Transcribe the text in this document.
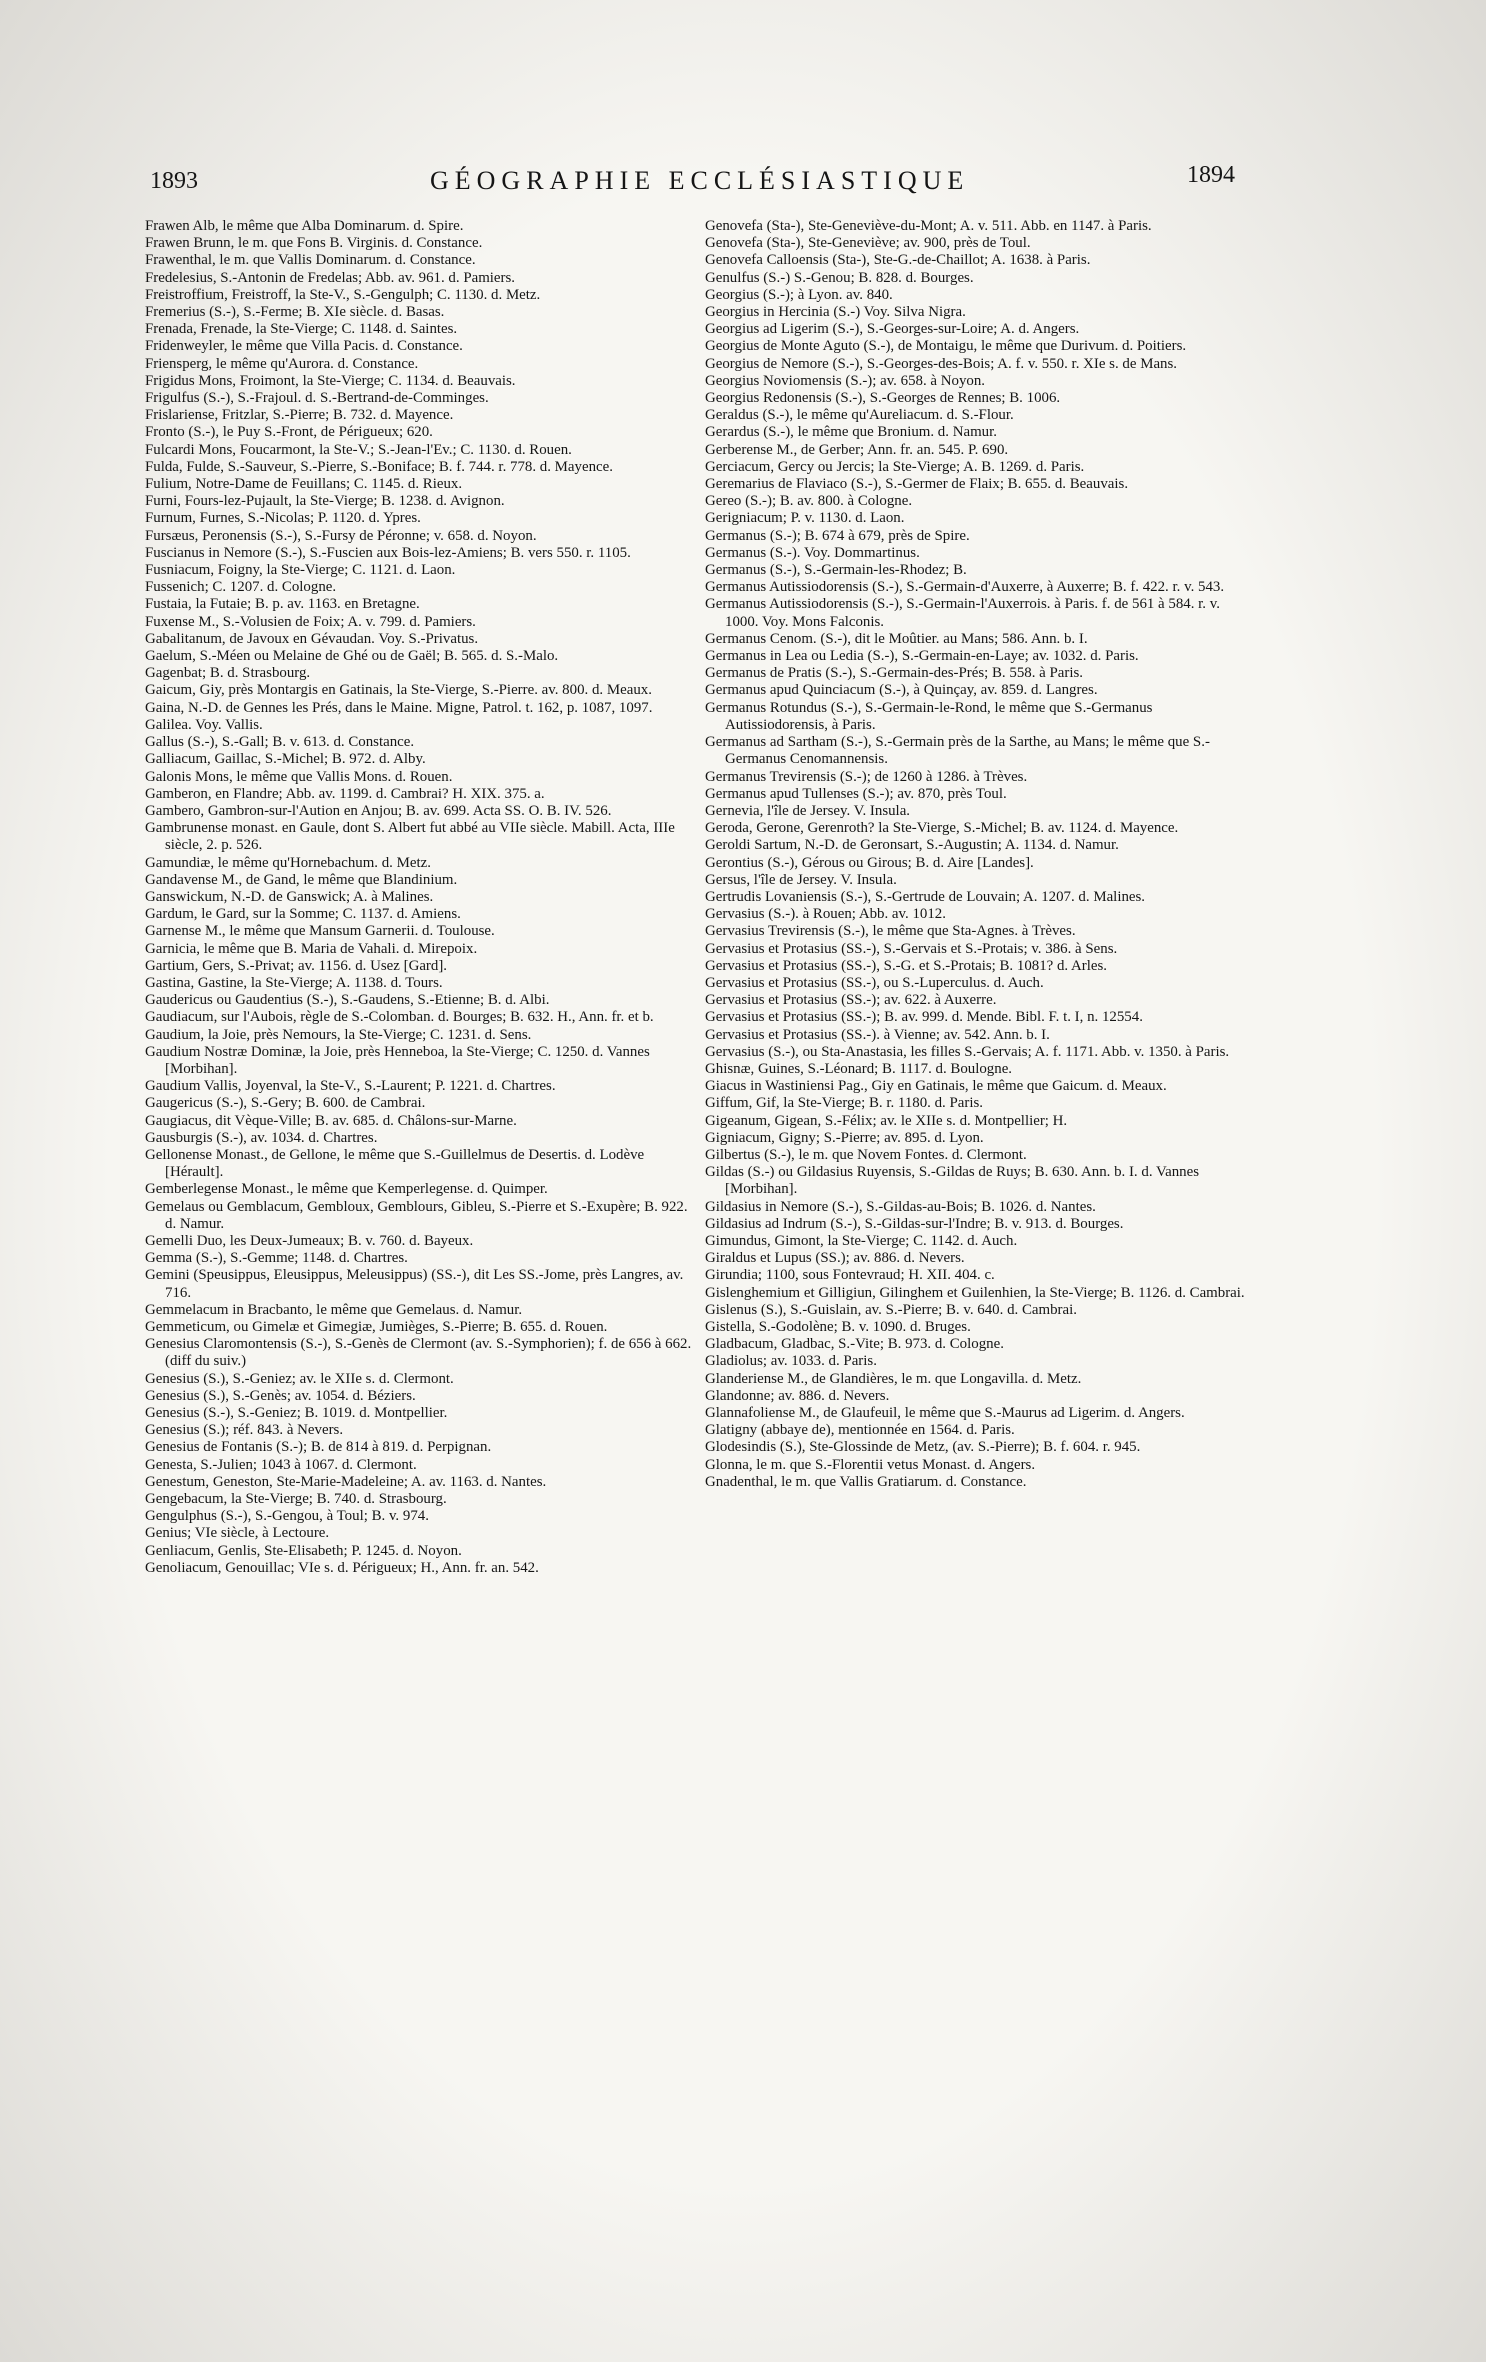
1893	GÉOGRAPHIE ECCLÉSIASTIQUE	1894

Frawen Alb, le même que Alba Dominarum. d. Spire.

Frawen Brunn, le m. que Fons B. Virginis. d. Constance.

Frawenthal, le m. que Vallis Dominarum. d. Constance.

Fredelesius, S.-Antonin de Fredelas; Abb. av. 961. d. Pamiers.

Freistroffium, Freistroff, la Ste-V., S.-Gengulph; C. 1130. d. Metz.

Fremerius (S.-), S.-Ferme; B. XIe siècle. d. Basas.

Frenada, Frenade, la Ste-Vierge; C. 1148. d. Saintes.

Fridenweyler, le même que Villa Pacis. d. Constance.

Friensperg, le même qu'Aurora. d. Constance.

Frigidus Mons, Froimont, la Ste-Vierge; C. 1134. d. Beauvais.

Frigulfus (S.-), S.-Frajoul. d. S.-Bertrand-de-Comminges.

Frislariense, Fritzlar, S.-Pierre; B. 732. d. Mayence.

Fronto (S.-), le Puy S.-Front, de Périgueux; 620.

Fulcardi Mons, Foucarmont, la Ste-V.; S.-Jean-l'Ev.; C. 1130. d. Rouen.

Fulda, Fulde, S.-Sauveur, S.-Pierre, S.-Boniface; B. f. 744. r. 778. d. Mayence.

Fulium, Notre-Dame de Feuillans; C. 1145. d. Rieux.

Furni, Fours-lez-Pujault, la Ste-Vierge; B. 1238. d. Avignon.

Furnum, Furnes, S.-Nicolas; P. 1120. d. Ypres.

Fursæus, Peronensis (S.-), S.-Fursy de Péronne; v. 658. d. Noyon.

Fuscianus in Nemore (S.-), S.-Fuscien aux Bois-lez-Amiens; B. vers 550. r. 1105.

Fusniacum, Foigny, la Ste-Vierge; C. 1121. d. Laon.

Fussenich; C. 1207. d. Cologne.

Fustaia, la Futaie; B. p. av. 1163. en Bretagne.

Fuxense M., S.-Volusien de Foix; A. v. 799. d. Pamiers.

Gabalitanum, de Javoux en Gévaudan. Voy. S.-Privatus.

Gaelum, S.-Méen ou Melaine de Ghé ou de Gaël; B. 565. d. S.-Malo.

Gagenbat; B. d. Strasbourg.

Gaicum, Giy, près Montargis en Gatinais, la Ste-Vierge, S.-Pierre. av. 800. d. Meaux.

Gaina, N.-D. de Gennes les Prés, dans le Maine. Migne, Patrol. t. 162, p. 1087, 1097.

Galilea. Voy. Vallis.

Gallus (S.-), S.-Gall; B. v. 613. d. Constance.

Galliacum, Gaillac, S.-Michel; B. 972. d. Alby.

Galonis Mons, le même que Vallis Mons. d. Rouen.

Gamberon, en Flandre; Abb. av. 1199. d. Cambrai? H. XIX. 375. a.

Gambero, Gambron-sur-l'Aution en Anjou; B. av. 699. Acta SS. O. B. IV. 526.

Gambrunense monast. en Gaule, dont S. Albert fut abbé au VIIe siècle. Mabill. Acta, IIIe siècle, 2. p. 526.

Gamundiæ, le même qu'Hornebachum. d. Metz.

Gandavense M., de Gand, le même que Blandinium.

Ganswickum, N.-D. de Ganswick; A. à Malines.

Gardum, le Gard, sur la Somme; C. 1137. d. Amiens.

Garnense M., le même que Mansum Garnerii. d. Toulouse.

Garnicia, le même que B. Maria de Vahali. d. Mirepoix.

Gartium, Gers, S.-Privat; av. 1156. d. Usez [Gard].

Gastina, Gastine, la Ste-Vierge; A. 1138. d. Tours.

Gaudericus ou Gaudentius (S.-), S.-Gaudens, S.-Etienne; B. d. Albi.

Gaudiacum, sur l'Aubois, règle de S.-Colomban. d. Bourges; B. 632. H., Ann. fr. et b.

Gaudium, la Joie, près Nemours, la Ste-Vierge; C. 1231. d. Sens.

Gaudium Nostræ Dominæ, la Joie, près Henneboa, la Ste-Vierge; C. 1250. d. Vannes [Morbihan].

Gaudium Vallis, Joyenval, la Ste-V., S.-Laurent; P. 1221. d. Chartres.

Gaugericus (S.-), S.-Gery; B. 600. de Cambrai.

Gaugiacus, dit Vèque-Ville; B. av. 685. d. Châlons-sur-Marne.

Gausburgis (S.-), av. 1034. d. Chartres.

Gellonense Monast., de Gellone, le même que S.-Guillelmus de Desertis. d. Lodève [Hérault].

Gemberlegense Monast., le même que Kemperlegense. d. Quimper.

Gemelaus ou Gemblacum, Gembloux, Gemblours, Gibleu, S.-Pierre et S.-Exupère; B. 922. d. Namur.

Gemelli Duo, les Deux-Jumeaux; B. v. 760. d. Bayeux.

Gemma (S.-), S.-Gemme; 1148. d. Chartres.

Gemini (Speusippus, Eleusippus, Meleusippus) (SS.-), dit Les SS.-Jome, près Langres, av. 716.

Gemmelacum in Bracbanto, le même que Gemelaus. d. Namur.

Gemmeticum, ou Gimelæ et Gimegiæ, Jumièges, S.-Pierre; B. 655. d. Rouen.

Genesius Claromontensis (S.-), S.-Genès de Clermont (av. S.-Symphorien); f. de 656 à 662. (diff du suiv.)

Genesius (S.), S.-Geniez; av. le XIIe s. d. Clermont.

Genesius (S.), S.-Genès; av. 1054. d. Béziers.

Genesius (S.-), S.-Geniez; B. 1019. d. Montpellier.

Genesius (S.); réf. 843. à Nevers.

Genesius de Fontanis (S.-); B. de 814 à 819. d. Perpignan.

Genesta, S.-Julien; 1043 à 1067. d. Clermont.

Genestum, Geneston, Ste-Marie-Madeleine; A. av. 1163. d. Nantes.

Gengebacum, la Ste-Vierge; B. 740. d. Strasbourg.

Gengulphus (S.-), S.-Gengou, à Toul; B. v. 974.

Genius; VIe siècle, à Lectoure.

Genliacum, Genlis, Ste-Elisabeth; P. 1245. d. Noyon.

Genoliacum, Genouillac; VIe s. d. Périgueux; H., Ann. fr. an. 542.

Genovefa (Sta-), Ste-Geneviève-du-Mont; A. v. 511. Abb. en 1147. à Paris.

Genovefa (Sta-), Ste-Geneviève; av. 900, près de Toul.

Genovefa Calloensis (Sta-), Ste-G.-de-Chaillot; A. 1638. à Paris.

Genulfus (S.-) S.-Genou; B. 828. d. Bourges.

Georgius (S.-); à Lyon. av. 840.

Georgius in Hercinia (S.-) Voy. Silva Nigra.

Georgius ad Ligerim (S.-), S.-Georges-sur-Loire; A. d. Angers.

Georgius de Monte Aguto (S.-), de Montaigu, le même que Durivum. d. Poitiers.

Georgius de Nemore (S.-), S.-Georges-des-Bois; A. f. v. 550. r. XIe s. de Mans.

Georgius Noviomensis (S.-); av. 658. à Noyon.

Georgius Redonensis (S.-), S.-Georges de Rennes; B. 1006.

Geraldus (S.-), le même qu'Aureliacum. d. S.-Flour.

Gerardus (S.-), le même que Bronium. d. Namur.

Gerberense M., de Gerber; Ann. fr. an. 545. P. 690.

Gerciacum, Gercy ou Jercis; la Ste-Vierge; A. B. 1269. d. Paris.

Geremarius de Flaviaco (S.-), S.-Germer de Flaix; B. 655. d. Beauvais.

Gereo (S.-); B. av. 800. à Cologne.

Gerigniacum; P. v. 1130. d. Laon.

Germanus (S.-); B. 674 à 679, près de Spire.

Germanus (S.-). Voy. Dommartinus.

Germanus (S.-), S.-Germain-les-Rhodez; B.

Germanus Autissiodorensis (S.-), S.-Germain-d'Auxerre, à Auxerre; B. f. 422. r. v. 543.

Germanus Autissiodorensis (S.-), S.-Germain-l'Auxerrois. à Paris. f. de 561 à 584. r. v. 1000. Voy. Mons Falconis.

Germanus Cenom. (S.-), dit le Moûtier. au Mans; 586. Ann. b. I.

Germanus in Lea ou Ledia (S.-), S.-Germain-en-Laye; av. 1032. d. Paris.

Germanus de Pratis (S.-), S.-Germain-des-Prés; B. 558. à Paris.

Germanus apud Quinciacum (S.-), à Quinçay, av. 859. d. Langres.

Germanus Rotundus (S.-), S.-Germain-le-Rond, le même que S.-Germanus Autissiodorensis, à Paris.

Germanus ad Sartham (S.-), S.-Germain près de la Sarthe, au Mans; le même que S.-Germanus Cenomannensis.

Germanus Trevirensis (S.-); de 1260 à 1286. à Trèves.

Germanus apud Tullenses (S.-); av. 870, près Toul.

Gernevia, l'île de Jersey. V. Insula.

Geroda, Gerone, Gerenroth? la Ste-Vierge, S.-Michel; B. av. 1124. d. Mayence.

Geroldi Sartum, N.-D. de Geronsart, S.-Augustin; A. 1134. d. Namur.

Gerontius (S.-), Gérous ou Girous; B. d. Aire [Landes].

Gersus, l'île de Jersey. V. Insula.

Gertrudis Lovaniensis (S.-), S.-Gertrude de Louvain; A. 1207. d. Malines.

Gervasius (S.-). à Rouen; Abb. av. 1012.

Gervasius Trevirensis (S.-), le même que Sta-Agnes. à Trèves.

Gervasius et Protasius (SS.-), S.-Gervais et S.-Protais; v. 386. à Sens.

Gervasius et Protasius (SS.-), S.-G. et S.-Protais; B. 1081? d. Arles.

Gervasius et Protasius (SS.-), ou S.-Luperculus. d. Auch.

Gervasius et Protasius (SS.-); av. 622. à Auxerre.

Gervasius et Protasius (SS.-); B. av. 999. d. Mende. Bibl. F. t. I, n. 12554.

Gervasius et Protasius (SS.-). à Vienne; av. 542. Ann. b. I.

Gervasius (S.-), ou Sta-Anastasia, les filles S.-Gervais; A. f. 1171. Abb. v. 1350. à Paris.

Ghisnæ, Guines, S.-Léonard; B. 1117. d. Boulogne.

Giacus in Wastiniensi Pag., Giy en Gatinais, le même que Gaicum. d. Meaux.

Giffum, Gif, la Ste-Vierge; B. r. 1180. d. Paris.

Gigeanum, Gigean, S.-Félix; av. le XIIe s. d. Montpellier; H.

Gigniacum, Gigny; S.-Pierre; av. 895. d. Lyon.

Gilbertus (S.-), le m. que Novem Fontes. d. Clermont.

Gildas (S.-) ou Gildasius Ruyensis, S.-Gildas de Ruys; B. 630. Ann. b. I. d. Vannes [Morbihan].

Gildasius in Nemore (S.-), S.-Gildas-au-Bois; B. 1026. d. Nantes.

Gildasius ad Indrum (S.-), S.-Gildas-sur-l'Indre; B. v. 913. d. Bourges.

Gimundus, Gimont, la Ste-Vierge; C. 1142. d. Auch.

Giraldus et Lupus (SS.); av. 886. d. Nevers.

Girundia; 1100, sous Fontevraud; H. XII. 404. c.

Gislenghemium et Gilligiun, Gilinghem et Guilenhien, la Ste-Vierge; B. 1126. d. Cambrai.

Gislenus (S.), S.-Guislain, av. S.-Pierre; B. v. 640. d. Cambrai.

Gistella, S.-Godolène; B. v. 1090. d. Bruges.

Gladbacum, Gladbac, S.-Vite; B. 973. d. Cologne.

Gladiolus; av. 1033. d. Paris.

Glanderiense M., de Glandières, le m. que Longavilla. d. Metz.

Glandonne; av. 886. d. Nevers.

Glannafoliense M., de Glaufeuil, le même que S.-Maurus ad Ligerim. d. Angers.

Glatigny (abbaye de), mentionnée en 1564. d. Paris.

Glodesindis (S.), Ste-Glossinde de Metz, (av. S.-Pierre); B. f. 604. r. 945.

Glonna, le m. que S.-Florentii vetus Monast. d. Angers.

Gnadenthal, le m. que Vallis Gratiarum. d. Constance.
